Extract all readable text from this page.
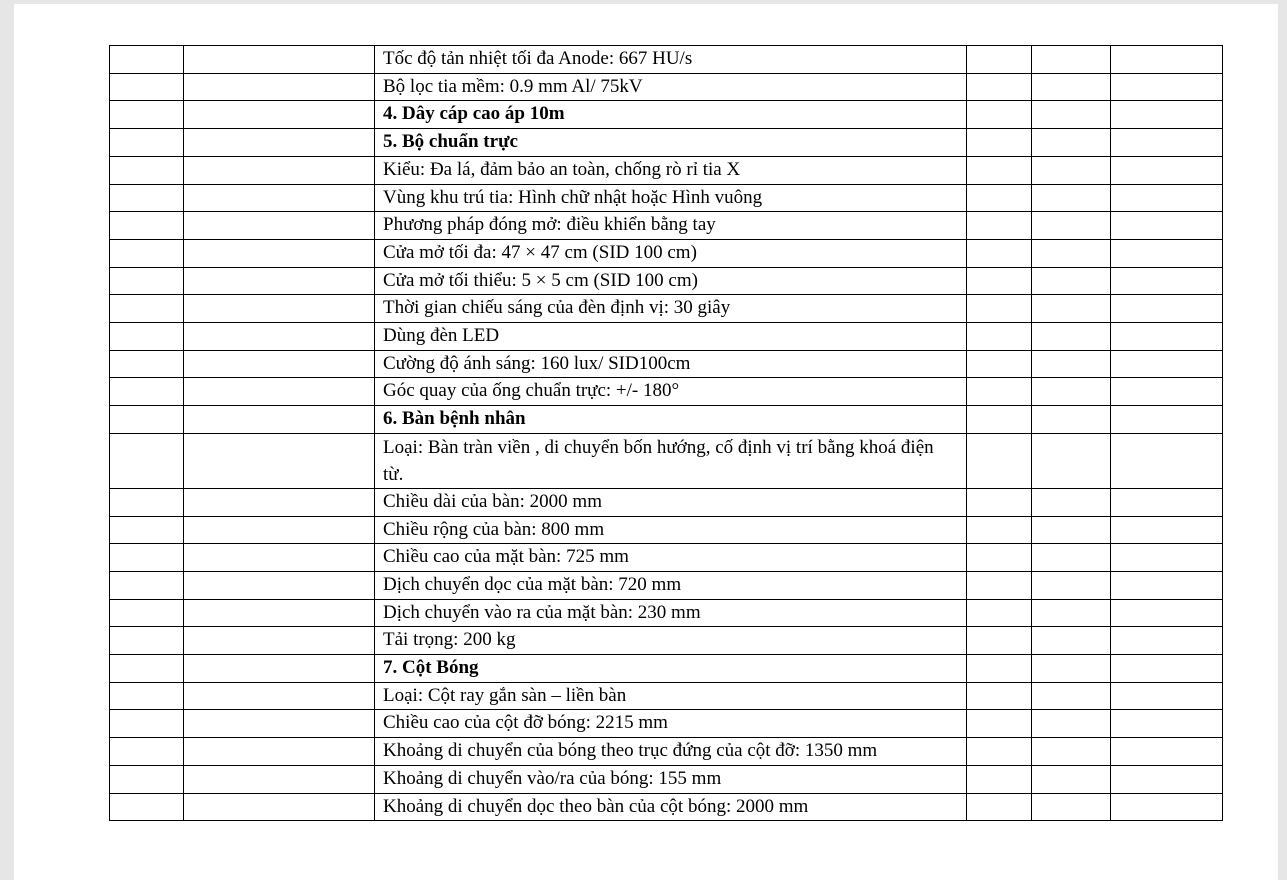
		Tốc độ tản nhiệt tối đa Anode: 667 HU/s			
		Bộ lọc tia mềm: 0.9 mm Al/ 75kV			
		4. Dây cáp cao áp 10m			
		5. Bộ chuẩn trực			
		Kiểu: Đa lá, đảm bảo an toàn, chống rò rỉ tia X			
		Vùng khu trú tia: Hình chữ nhật hoặc Hình vuông			
		Phương pháp đóng mở: điều khiển bằng tay			
		Cửa mở tối đa: 47 × 47 cm (SID 100 cm)			
		Cửa mở tối thiểu: 5 × 5 cm (SID 100 cm)			
		Thời gian chiếu sáng của đèn định vị: 30 giây			
		Dùng đèn LED			
		Cường độ ánh sáng: 160 lux/ SID100cm			
		Góc quay của ống chuẩn trực: +/- 180°			
		6. Bàn bệnh nhân			
		Loại: Bàn tràn viền , di chuyển bốn hướng, cố định vị trí bằng khoá điện từ.			
		Chiều dài của bàn: 2000 mm			
		Chiều rộng của bàn: 800 mm			
		Chiều cao của mặt bàn: 725 mm			
		Dịch chuyển dọc của mặt bàn: 720 mm			
		Dịch chuyển vào ra của mặt bàn: 230 mm			
		Tải trọng: 200 kg			
		7. Cột Bóng			
		Loại: Cột ray gắn sàn – liền bàn			
		Chiều cao của cột đỡ bóng: 2215 mm			
		Khoảng di chuyển của bóng theo trục đứng của cột đỡ: 1350 mm			
		Khoảng di chuyển vào/ra của bóng: 155 mm			
		Khoảng di chuyển dọc theo bàn của cột bóng: 2000 mm			
